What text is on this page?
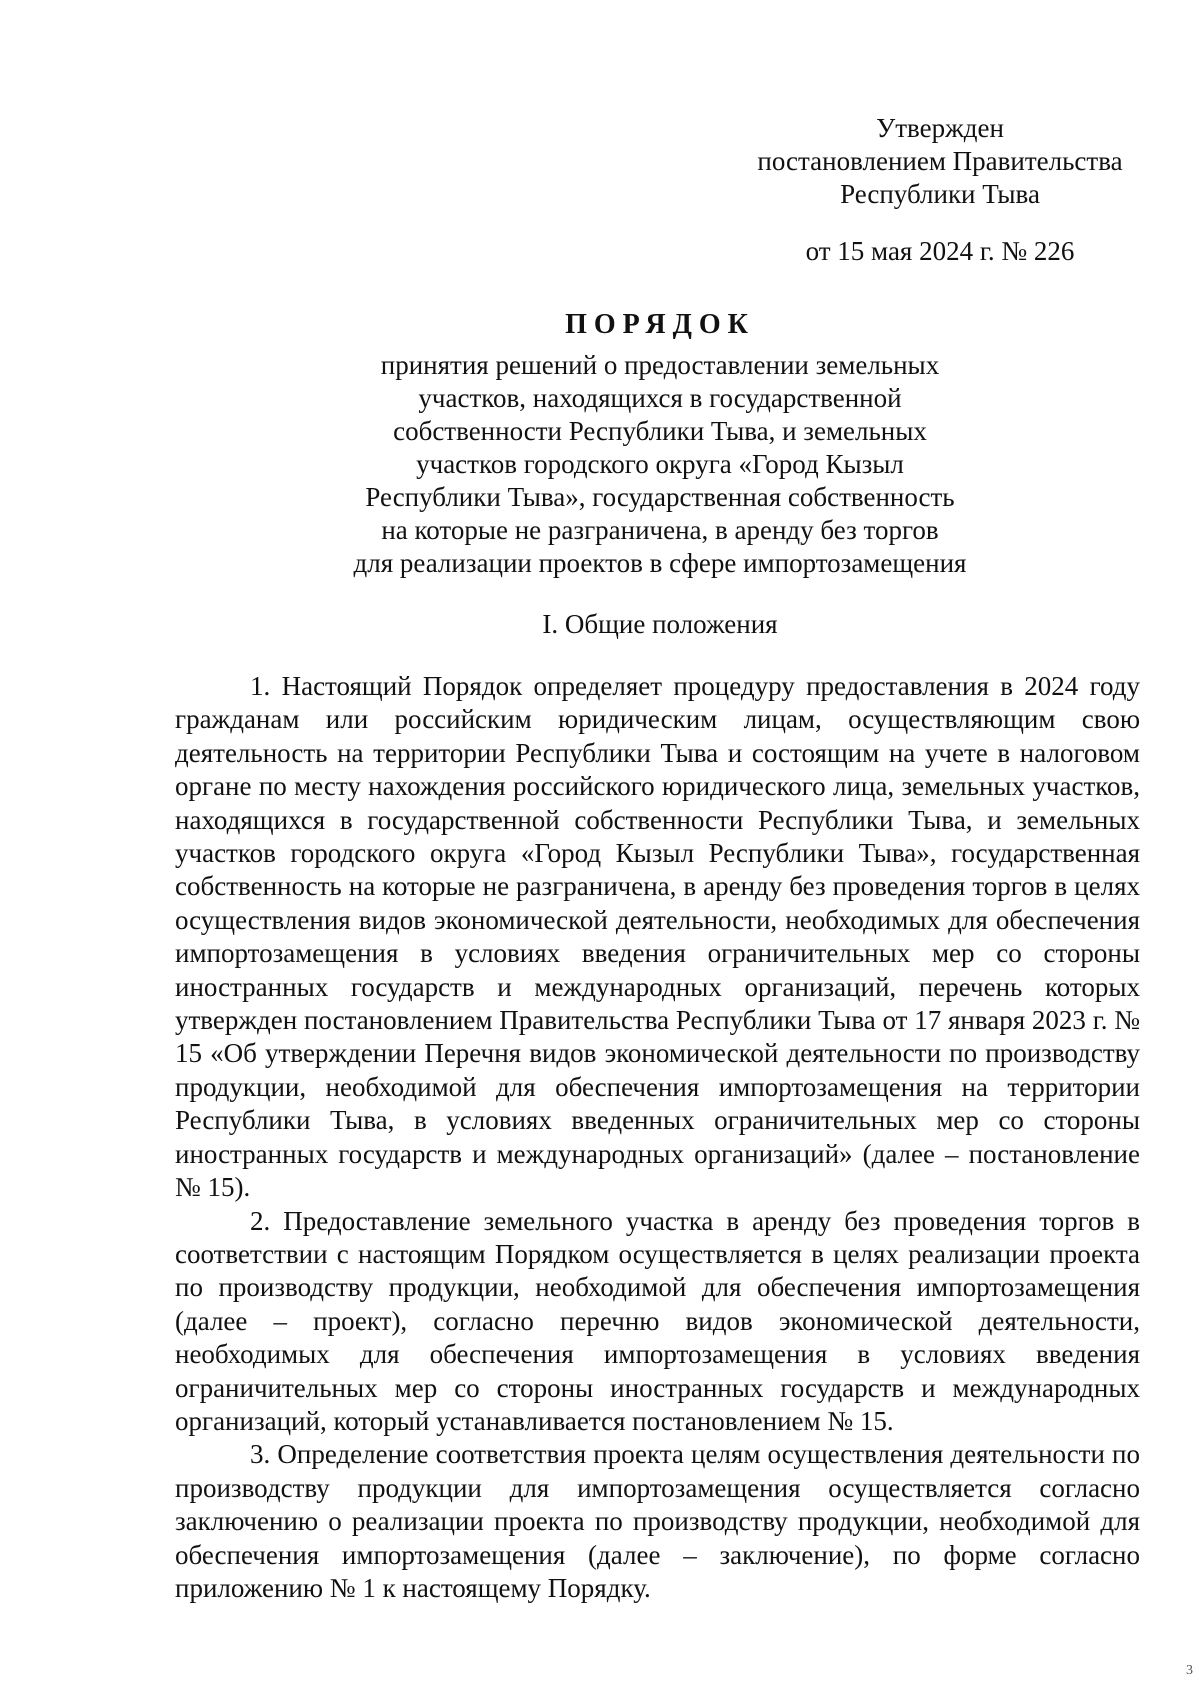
Утвержден
постановлением Правительства
Республики Тыва
от 15 мая 2024 г. № 226
ПОРЯДОК
принятия решений о предоставлении земельных
участков, находящихся в государственной
собственности Республики Тыва, и земельных
участков городского округа «Город Кызыл
Республики Тыва», государственная собственность
на которые не разграничена, в аренду без торгов
для реализации проектов в сфере импортозамещения
I. Общие положения

1. Настоящий Порядок определяет процедуру предоставления в 2024 году гражданам или российским юридическим лицам, осуществляющим свою деятельность на территории Республики Тыва и состоящим на учете в налоговом органе по месту нахождения российского юридического лица, земельных участков, находящихся в государственной собственности Республики Тыва, и земельных участков городского округа «Город Кызыл Республики Тыва», государственная собственность на которые не разграничена, в аренду без проведения торгов в целях осуществления видов экономической деятельности, необходимых для обеспечения импортозамещения в условиях введения ограничительных мер со стороны иностранных государств и международных организаций, перечень которых утвержден постановлением Правительства Республики Тыва от 17 января 2023 г. № 15 «Об утверждении Перечня видов экономической деятельности по производству продукции, необходимой для обеспечения импортозамещения на территории Республики Тыва, в условиях введенных ограничительных мер со стороны иностранных государств и международных организаций» (далее – постановление № 15).

2. Предоставление земельного участка в аренду без проведения торгов в соответствии с настоящим Порядком осуществляется в целях реализации проекта по производству продукции, необходимой для обеспечения импортозамещения (далее – проект), согласно перечню видов экономической деятельности, необходимых для обеспечения импортозамещения в условиях введения ограничительных мер со стороны иностранных государств и международных организаций, который устанавливается постановлением № 15.

3. Определение соответствия проекта целям осуществления деятельности по производству продукции для импортозамещения осуществляется согласно заключению о реализации проекта по производству продукции, необходимой для обеспечения импортозамещения (далее – заключение), по форме согласно приложению № 1 к настоящему Порядку.

3
